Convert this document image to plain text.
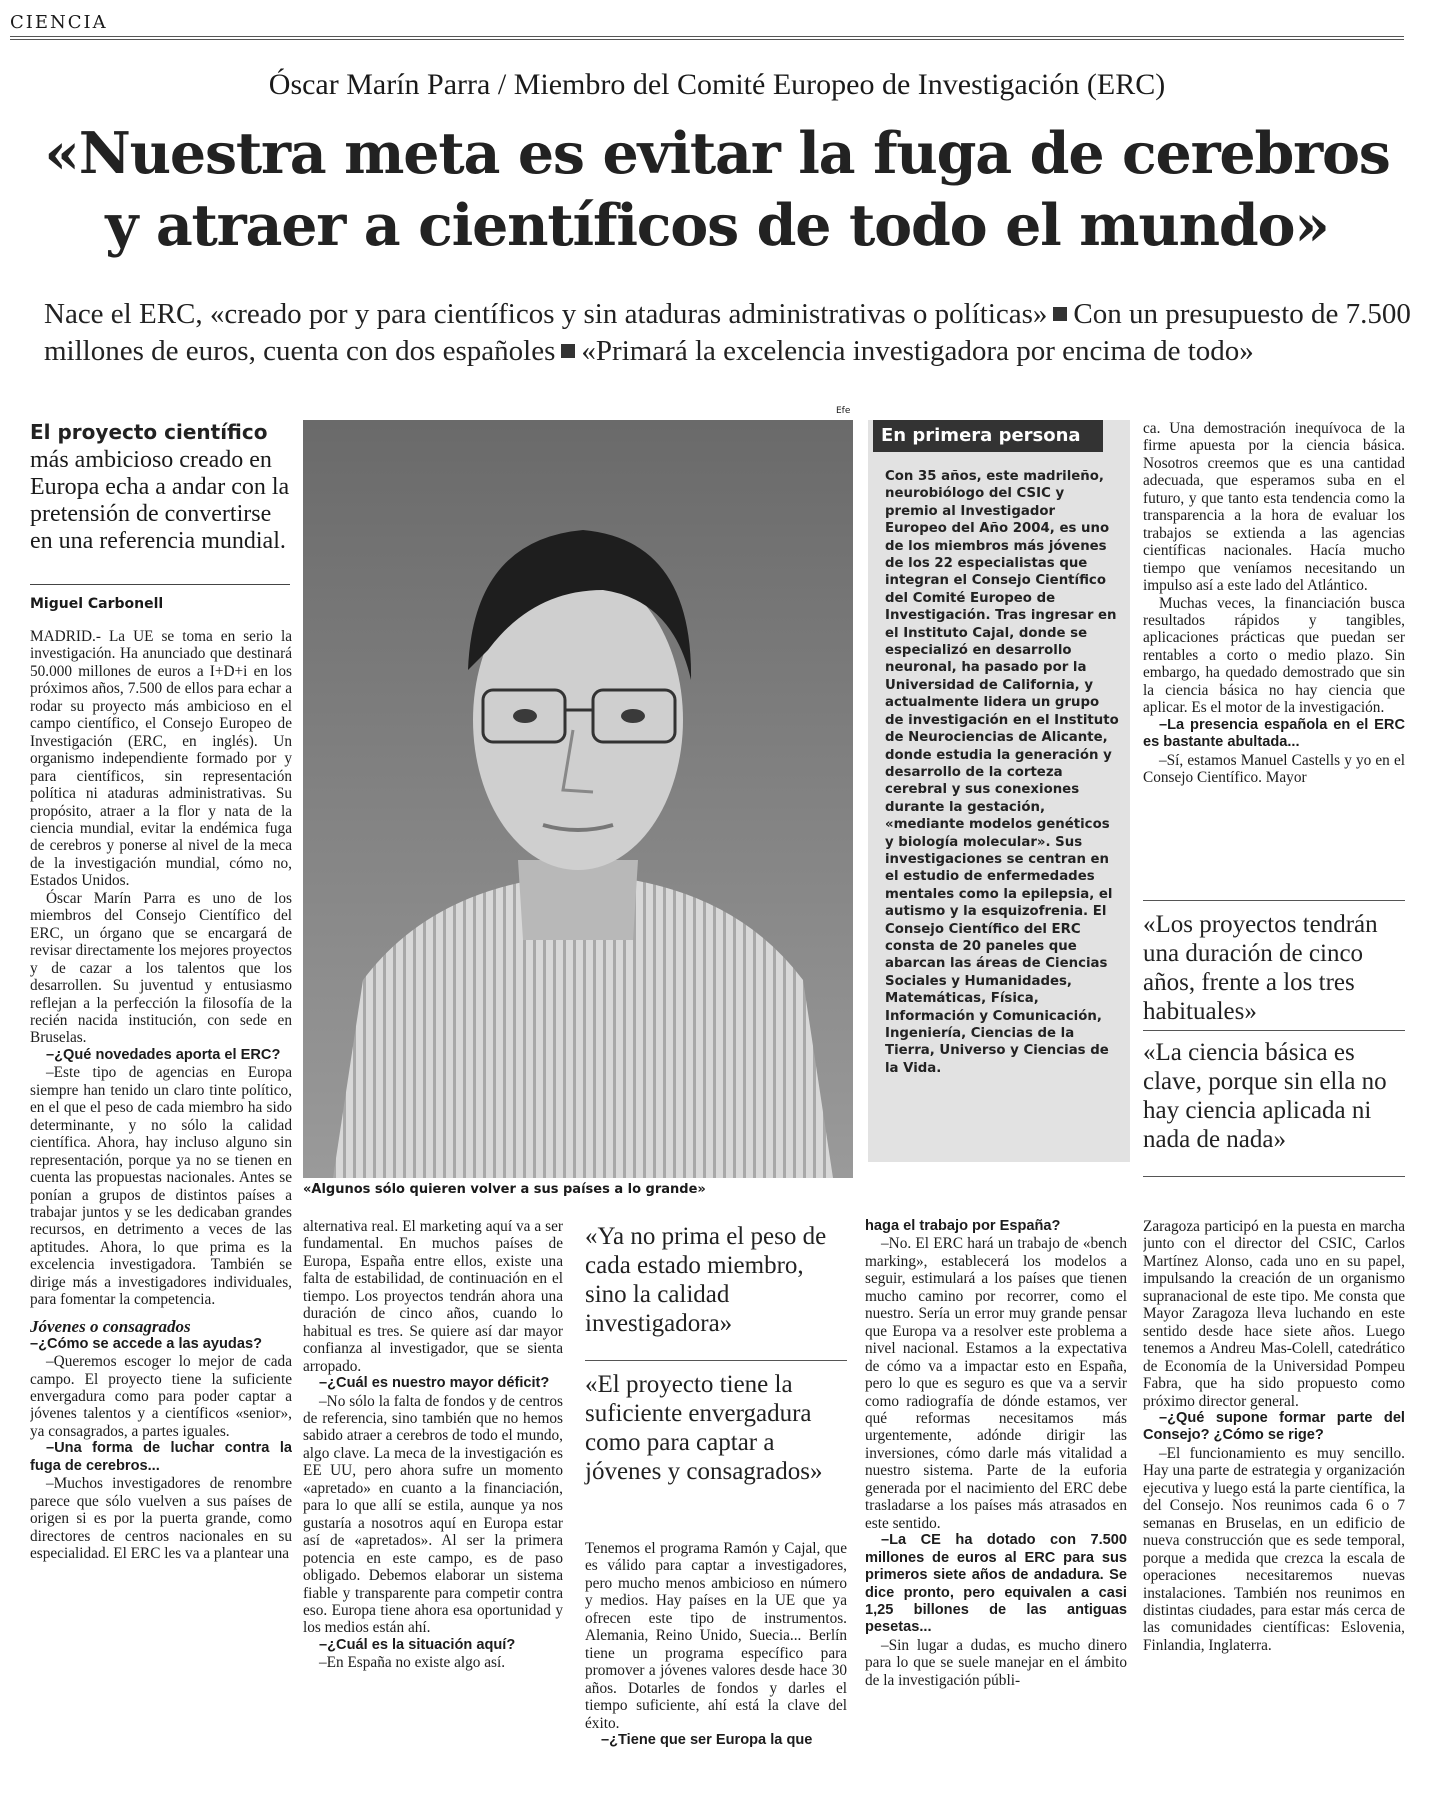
CIENCIA
Óscar Marín Parra / Miembro del Comité Europeo de Investigación (ERC)
«Nuestra meta es evitar la fuga de cerebros y atraer a científicos de todo el mundo»
Nace el ERC, «creado por y para científicos y sin ataduras administrativas o políticas» Con un presupuesto de 7.500 millones de euros, cuenta con dos españoles «Primará la excelencia investigadora por encima de todo»
El proyecto científico
más ambicioso creado en Europa echa a andar con la pretensión de convertirse en una referencia mundial.
Miguel Carbonell

MADRID.- La UE se toma en serio la investigación. Ha anunciado que destinará 50.000 millones de euros a I+D+i en los próximos años, 7.500 de ellos para echar a rodar su proyecto más ambicioso en el campo científico, el Consejo Europeo de Investigación (ERC, en inglés). Un organismo independiente formado por y para científicos, sin representación política ni ataduras administrativas. Su propósito, atraer a la flor y nata de la ciencia mundial, evitar la endémica fuga de cerebros y ponerse al nivel de la meca de la investigación mundial, cómo no, Estados Unidos.

Óscar Marín Parra es uno de los miembros del Consejo Científico del ERC, un órgano que se encargará de revisar directamente los mejores proyectos y de cazar a los talentos que los desarrollen. Su juventud y entusiasmo reflejan a la perfección la filosofía de la recién nacida institución, con sede en Bruselas.

–¿Qué novedades aporta el ERC?

–Este tipo de agencias en Europa siempre han tenido un claro tinte político, en el que el peso de cada miembro ha sido determinante, y no sólo la calidad científica. Ahora, hay incluso alguno sin representación, porque ya no se tienen en cuenta las propuestas nacionales. Antes se ponían a grupos de distintos países a trabajar juntos y se les dedicaban grandes recursos, en detrimento a veces de las aptitudes. Ahora, lo que prima es la excelencia investigadora. También se dirige más a investigadores individuales, para fomentar la competencia.

Jóvenes o consagrados

–¿Cómo se accede a las ayudas?

–Queremos escoger lo mejor de cada campo. El proyecto tiene la suficiente envergadura como para poder captar a jóvenes talentos y a científicos «senior», ya consagrados, a partes iguales.

–Una forma de luchar contra la fuga de cerebros...

–Muchos investigadores de renombre parece que sólo vuelven a sus países de origen si es por la puerta grande, como directores de centros nacionales en su especialidad. El ERC les va a plantear una

Efe
«Algunos sólo quieren volver a sus países a lo grande»
En primera persona
Con 35 años, este madrileño, neurobiólogo del CSIC y premio al Investigador Europeo del Año 2004, es uno de los miembros más jóvenes de los 22 especialistas que integran el Consejo Científico del Comité Europeo de Investigación. Tras ingresar en el Instituto Cajal, donde se especializó en desarrollo neuronal, ha pasado por la Universidad de California, y actualmente lidera un grupo de investigación en el Instituto de Neurociencias de Alicante, donde estudia la generación y desarrollo de la corteza cerebral y sus conexiones durante la gestación, «mediante modelos genéticos y biología molecular». Sus investigaciones se centran en el estudio de enfermedades mentales como la epilepsia, el autismo y la esquizofrenia. El Consejo Científico del ERC consta de 20 paneles que abarcan las áreas de Ciencias Sociales y Humanidades, Matemáticas, Física, Información y Comunicación, Ingeniería, Ciencias de la Tierra, Universo y Ciencias de la Vida.

alternativa real. El marketing aquí va a ser fundamental. En muchos países de Europa, España entre ellos, existe una falta de estabilidad, de continuación en el tiempo. Los proyectos tendrán ahora una duración de cinco años, cuando lo habitual es tres. Se quiere así dar mayor confianza al investigador, que se sienta arropado.

–¿Cuál es nuestro mayor déficit?

–No sólo la falta de fondos y de centros de referencia, sino también que no hemos sabido atraer a cerebros de todo el mundo, algo clave. La meca de la investigación es EE UU, pero ahora sufre un momento «apretado» en cuanto a la financiación, para lo que allí se estila, aunque ya nos gustaría a nosotros aquí en Europa estar así de «apretados». Al ser la primera potencia en este campo, es de paso obligado. Debemos elaborar un sistema fiable y transparente para competir contra eso. Europa tiene ahora esa oportunidad y los medios están ahí.

–¿Cuál es la situación aquí?

–En España no existe algo así.

«Ya no prima el peso de cada estado miembro, sino la calidad investigadora»
«El proyecto tiene la suficiente envergadura como para captar a jóvenes y consagrados»

Tenemos el programa Ramón y Cajal, que es válido para captar a investigadores, pero mucho menos ambicioso en número y medios. Hay países en la UE que ya ofrecen este tipo de instrumentos. Alemania, Reino Unido, Suecia... Berlín tiene un programa específico para promover a jóvenes valores desde hace 30 años. Dotarles de fondos y darles el tiempo suficiente, ahí está la clave del éxito.

–¿Tiene que ser Europa la que

haga el trabajo por España?

–No. El ERC hará un trabajo de «bench marking», establecerá los modelos a seguir, estimulará a los países que tienen mucho camino por recorrer, como el nuestro. Sería un error muy grande pensar que Europa va a resolver este problema a nivel nacional. Estamos a la expectativa de cómo va a impactar esto en España, pero lo que es seguro es que va a servir como radiografía de dónde estamos, ver qué reformas necesitamos más urgentemente, adónde dirigir las inversiones, cómo darle más vitalidad a nuestro sistema. Parte de la euforia generada por el nacimiento del ERC debe trasladarse a los países más atrasados en este sentido.

–La CE ha dotado con 7.500 millones de euros al ERC para sus primeros siete años de andadura. Se dice pronto, pero equivalen a casi 1,25 billones de las antiguas pesetas...

–Sin lugar a dudas, es mucho dinero para lo que se suele manejar en el ámbito de la investigación públi-

ca. Una demostración inequívoca de la firme apuesta por la ciencia básica. Nosotros creemos que es una cantidad adecuada, que esperamos suba en el futuro, y que tanto esta tendencia como la transparencia a la hora de evaluar los trabajos se extienda a las agencias científicas nacionales. Hacía mucho tiempo que veníamos necesitando un impulso así a este lado del Atlántico.

Muchas veces, la financiación busca resultados rápidos y tangibles, aplicaciones prácticas que puedan ser rentables a corto o medio plazo. Sin embargo, ha quedado demostrado que sin la ciencia básica no hay ciencia que aplicar. Es el motor de la investigación.

–La presencia española en el ERC es bastante abultada...

–Sí, estamos Manuel Castells y yo en el Consejo Científico. Mayor

«Los proyectos tendrán una duración de cinco años, frente a los tres habituales»
«La ciencia básica es clave, porque sin ella no hay ciencia aplicada ni nada de nada»

Zaragoza participó en la puesta en marcha junto con el director del CSIC, Carlos Martínez Alonso, cada uno en su papel, impulsando la creación de un organismo supranacional de este tipo. Me consta que Mayor Zaragoza lleva luchando en este sentido desde hace siete años. Luego tenemos a Andreu Mas-Colell, catedrático de Economía de la Universidad Pompeu Fabra, que ha sido propuesto como próximo director general.

–¿Qué supone formar parte del Consejo? ¿Cómo se rige?

–El funcionamiento es muy sencillo. Hay una parte de estrategia y organización ejecutiva y luego está la parte científica, la del Consejo. Nos reunimos cada 6 o 7 semanas en Bruselas, en un edificio de nueva construcción que es sede temporal, porque a medida que crezca la escala de operaciones necesitaremos nuevas instalaciones. También nos reunimos en distintas ciudades, para estar más cerca de las comunidades científicas: Eslovenia, Finlandia, Inglaterra.
